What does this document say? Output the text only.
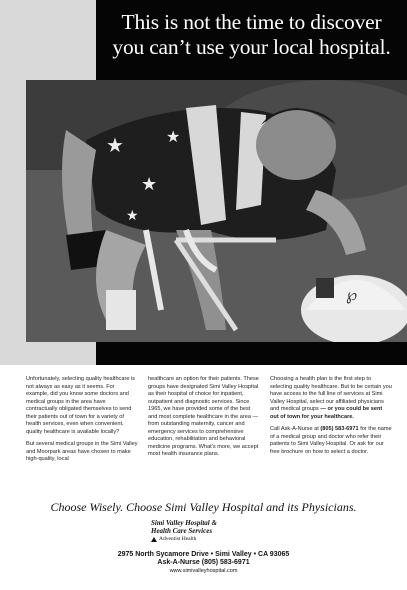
This is not the time to discover
you can’t use your local hospital.
★
★
★
★
℘

Unfortunately, selecting quality healthcare is not always as easy as it seems. For example, did you know some doctors and medical groups in the area have contractually obligated themselves to send their patients out of town for a variety of health services, even when convenient, quality healthcare is available locally?

But several medical groups in the Simi Valley and Moorpark areas have chosen to make high-quality, local

healthcare an option for their patients. These groups have designated Simi Valley Hospital as their hospital of choice for inpatient, outpatient and diagnostic services. Since 1965, we have provided some of the best and most complete healthcare in the area — from outstanding maternity, cancer and emergency services to comprehensive education, rehabilitation and behavioral medicine programs. What’s more, we accept most health insurance plans.

Choosing a health plan is the first step to selecting quality healthcare. But to be certain you have access to the full line of services at Simi Valley Hospital, select our affiliated physicians and medical groups — or you could be sent out of town for your healthcare.

Call Ask-A-Nurse at (805) 583-6971 for the name of a medical group and doctor who refer their patients to Simi Valley Hospital. Or ask for our free brochure on how to select a doctor.

Choose Wisely. Choose Simi Valley Hospital and its Physicians.
Simi Valley Hospital &
Health Care Services
Adventist Health
2975 North Sycamore Drive • Simi Valley • CA 93065
Ask-A-Nurse (805) 583-6971
www.simivalleyhospital.com
